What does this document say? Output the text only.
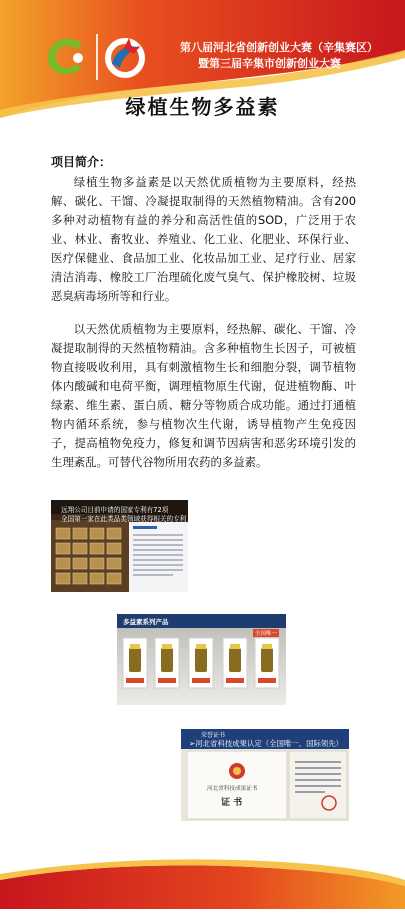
第八届河北省创新创业大赛（辛集赛区）
暨第三届辛集市创新创业大赛
绿植生物多益素
项目简介：

绿植生物多益素是以天然优质植物为主要原料，经热解、碳化、干馏、冷凝提取制得的天然植物精油。含有200多种对动植物有益的养分和高活性值的SOD，广泛用于农业、林业、畜牧业、养殖业、化工业、化肥业、环保行业、医疗保健业、食品加工业、化妆品加工业、足疗行业、居家清洁消毒、橡胶工厂治理硫化废气臭气、保护橡胶树、垃圾恶臭病毒场所等和行业。

以天然优质植物为主要原料，经热解、碳化、干馏、冷凝提取制得的天然植物精油。含多种植物生长因子，可被植物直接吸收利用，具有刺激植物生长和细胞分裂，调节植物体内酸碱和电荷平衡，调理植物原生代谢，促进植物酶、叶绿素、维生素、蛋白质、糖分等物质合成功能。通过打通植物内循环系统，参与植物次生代谢，诱导植物产生免疫因子，提高植物免疫力，修复和调节因病害和恶劣环境引发的生理紊乱。可替代谷物所用农药的多益素。

远翔公司目前申请的国家专利有72项
全国第一家在此类品类领域获得相关的专利
多益素系列产品
全国唯一
荣誉证书
➢河北省科技成果认定（全国唯一、国际领先）
河北省科技成果证书
证 书
